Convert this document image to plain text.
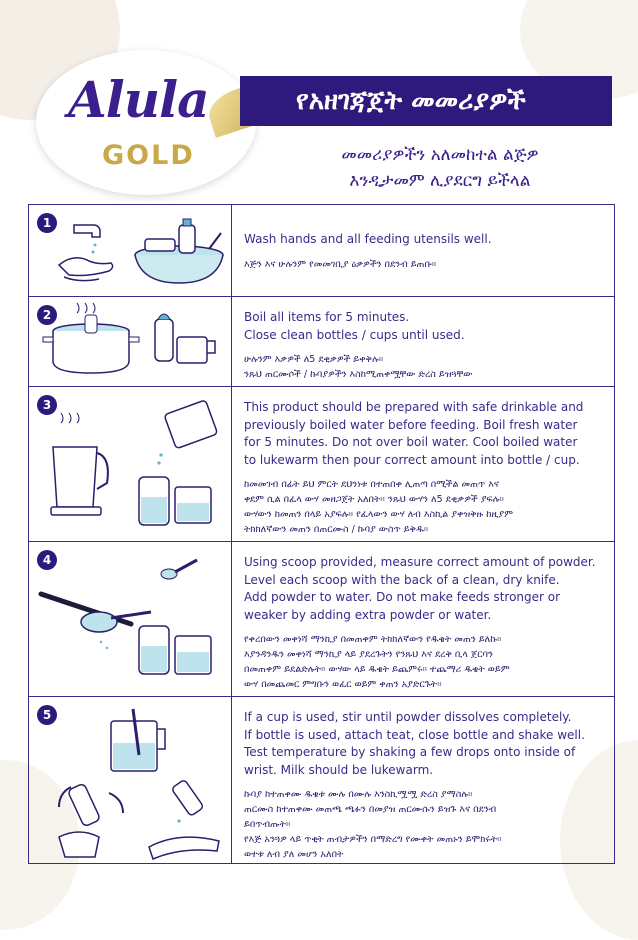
Alula
GOLD
የአዘገጃጀት መመሪያዎች
መመሪያዎችን አለመከተል ልጅዎ
እንዲታመም ሊያደርግ ይችላል
1

Wash hands and all feeding utensils well.

እጅን እና ሁሉንም የመመገቢያ ዕቃዎችን በደንብ ይጠቡ።

2	Boil all items for 5 minutes.
Close clean bottles / cups until used.

ሁሉንም እቃዎች ለ5 ደቂቃዎች ይቀቅሉ።
ንጹህ ጠርሙሶች / ኩባያዎችን እስከሚጠቀሟቸው ድረስ ይዝጓቸው

3	This product should be prepared with safe drinkable and
previously boiled water before feeding. Boil fresh water
for 5 minutes. Do not over boil water. Cool boiled water
to lukewarm then pour correct amount into bottle / cup.

ከመመገብ በፊት ይህ ምርት ደህንነቱ በተጠበቀ ሊጠጣ በሚችል መጠጥ እና
ቀደም ሲል በፈላ ውሃ መዘጋጀት አለበት። ንጹህ ውሃን ለ5 ደቂቃዎች ያፍሉ።
ውሃውን ከመጠን በላይ አያፍሉ። የፈላውን ውሃ ለብ እስኪል ያቀዝቅዙ ከዚያም
ትክክለኛውን መጠን በጠርሙስ / ኩባያ ውስጥ ይቅዱ።

4	Using scoop provided, measure correct amount of powder.
Level each scoop with the back of a clean, dry knife.
Add powder to water. Do not make feeds stronger or
weaker by adding extra powder or water.

የቀረበውን መቀነሻ ማንኪያ በመጠቀም ትክክለኛውን የዱቄት መጠን ይለኩ።
እያንዳንዱን መቀነሻ ማንኪያ ላይ ያደረጉትን የንጹህ እና ደረቅ ቢላ ጀርባን
በመጠቀም ይደልድሉት። ውሃው ላይ ዱቄት ይጨምሩ። ተጨማሪ ዱቄት ወይም
ውሃ በመጨመር ምግቡን ወፈር ወይም ቀጠን አያድርጉት።

5	If a cup is used, stir until powder dissolves completely.
If bottle is used, attach teat, close bottle and shake well.
Test temperature by shaking a few drops onto inside of
wrist. Milk should be lukewarm.

ኩባያ ከተጠቀሙ ዱቄቱ ሙሉ በሙሉ እንስኪሟሟ ድረስ ያማስሉ።
ጠርሙስ ከተጠቀሙ መጠጫ ጫፉን በመያዝ ጠርሙሱን ይዝጉ እና በደንብ
ይበጥብጡት።
የእጅ አንጓዎ ላይ ጥቂት ጠብታዎችን በማድረግ የሙቀት መጠኑን ይሞክሩት።
ወተቱ ለብ ያለ መሆን አለበት
